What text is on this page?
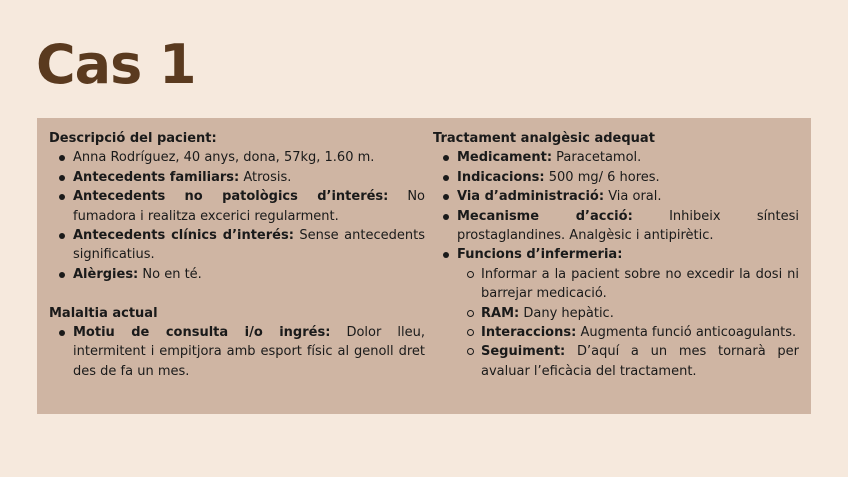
Cas 1
Descripció del pacient:
Anna Rodríguez, 40 anys, dona, 57kg, 1.60 m.
Antecedents familiars: Atrosis.
Antecedents no patològics d’interés: No fumadora i realitza excerici regularment.
Antecedents clínics d’interés: Sense antecedents significatius.
Alèrgies: No en té.
Malaltia actual
Motiu de consulta i/o ingrés: Dolor lleu, intermitent i empitjora amb esport físic al genoll dret des de fa un mes.
Tractament analgèsic adequat
Medicament: Paracetamol.
Indicacions: 500 mg/ 6 hores.
Via d’administració: Via oral.
Mecanisme d’acció: Inhibeix síntesi prostaglandines. Analgèsic i antipirètic.
Funcions d’infermeria:
Informar a la pacient sobre no excedir la dosi ni barrejar medicació.
RAM: Dany hepàtic.
Interaccions: Augmenta funció anticoagulants.
Seguiment: D’aquí a un mes tornarà per avaluar l’eficàcia del tractament.
